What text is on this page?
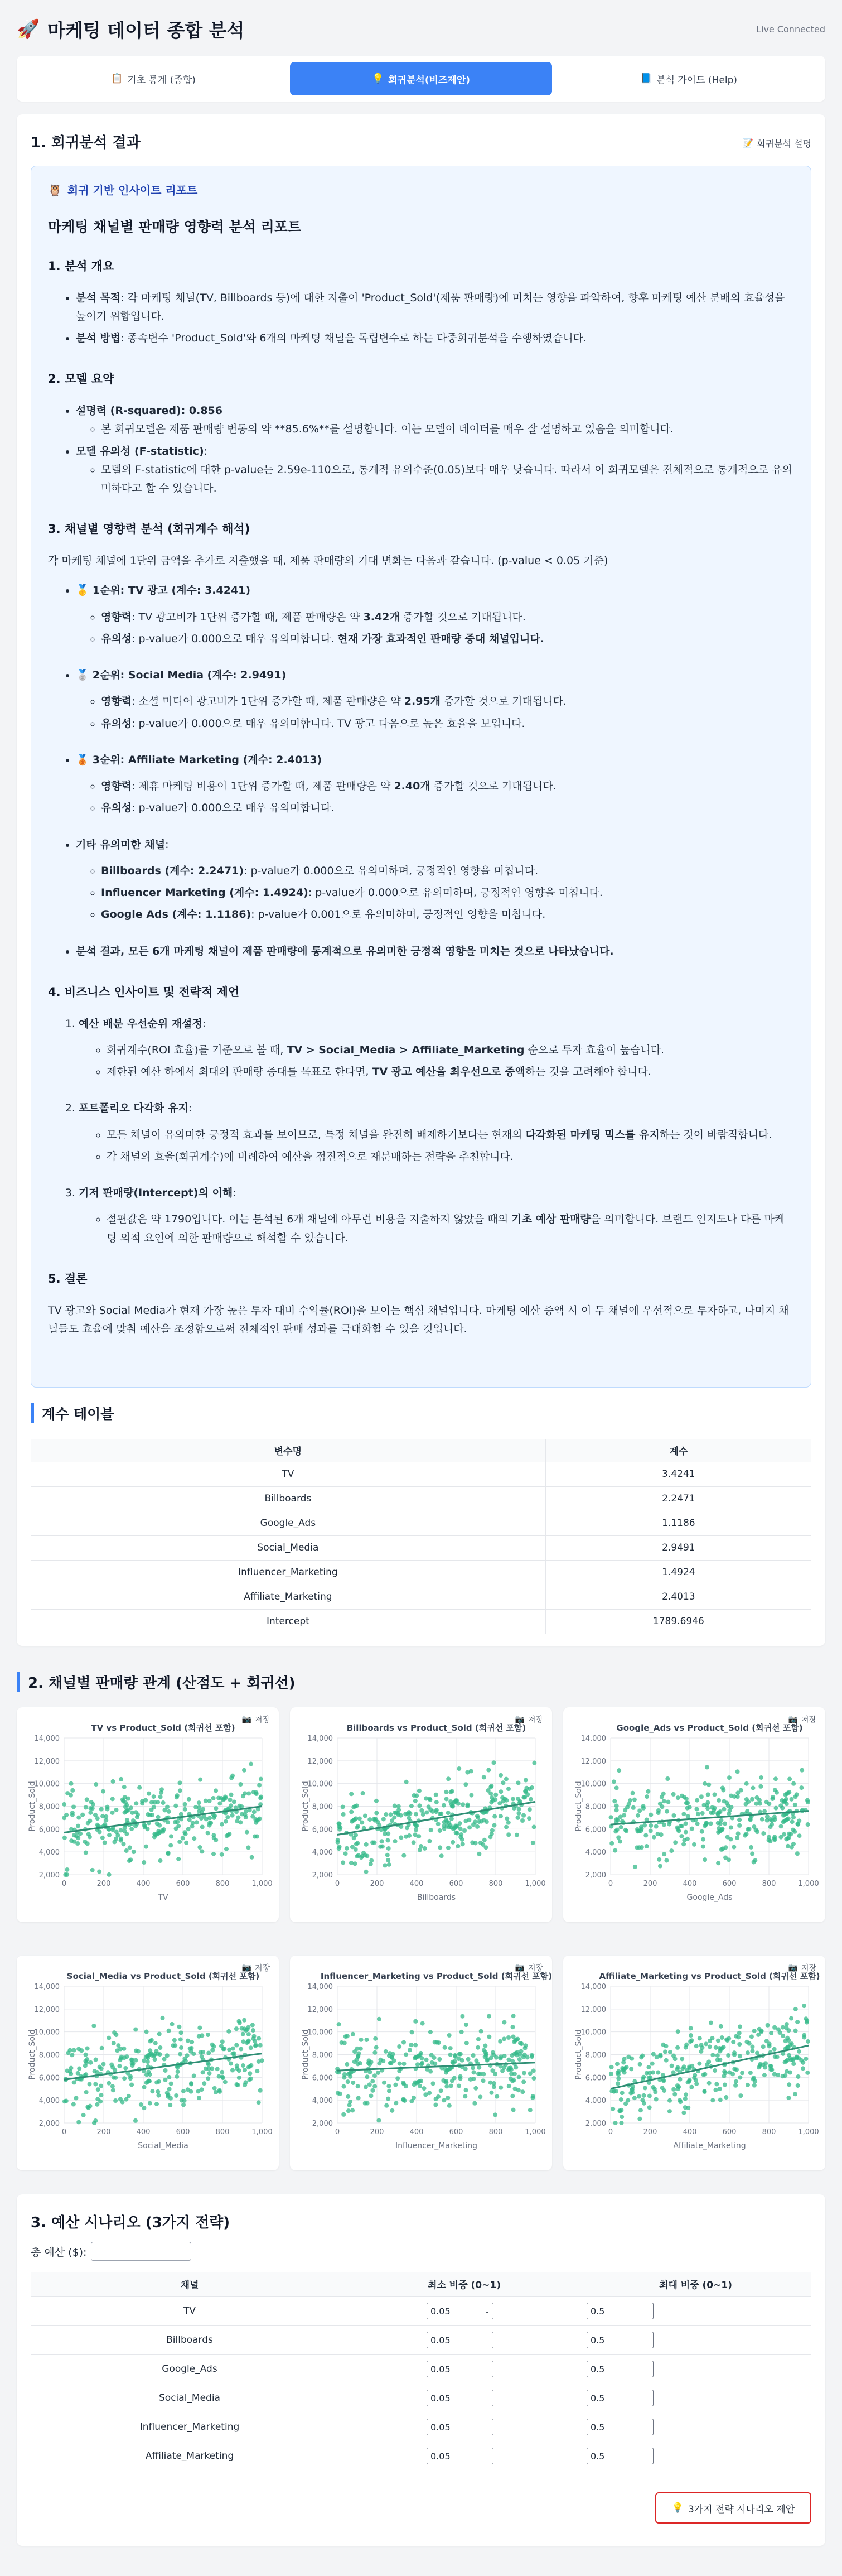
🚀 마케팅 데이터 종합 분석	Live Connected
📋 기초 통계 (종합)	💡 회귀분석(비즈제안)	📘 분석 가이드 (Help)
1. 회귀분석 결과	📝 회귀분석 설명
🦉 회귀 기반 인사이트 리포트
마케팅 채널별 판매량 영향력 분석 리포트
1. 분석 개요
• 분석 목적: 각 마케팅 채널(TV, Billboards 등)에 대한 지출이 'Product_Sold'(제품 판매량)에 미치는 영향을 파악하여, 향후 마케팅 예산 분배의 효율성을 높이기 위함입니다.
• 분석 방법: 종속변수 'Product_Sold'와 6개의 마케팅 채널을 독립변수로 하는 다중회귀분석을 수행하였습니다.
2. 모델 요약
• 설명력 (R-squared): 0.856
◦ 본 회귀모델은 제품 판매량 변동의 약 **85.6%**를 설명합니다. 이는 모델이 데이터를 매우 잘 설명하고 있음을 의미합니다.
• 모델 유의성 (F-statistic):
◦ 모델의 F-statistic에 대한 p-value는 2.59e-110으로, 통계적 유의수준(0.05)보다 매우 낮습니다. 따라서 이 회귀모델은 전체적으로 통계적으로 유의미하다고 할 수 있습니다.
3. 채널별 영향력 분석 (회귀계수 해석)

각 마케팅 채널에 1단위 금액을 추가로 지출했을 때, 제품 판매량의 기대 변화는 다음과 같습니다. (p-value < 0.05 기준)

• 🥇 1순위: TV 광고 (계수: 3.4241)
◦ 영향력: TV 광고비가 1단위 증가할 때, 제품 판매량은 약 3.42개 증가할 것으로 기대됩니다.
◦ 유의성: p-value가 0.000으로 매우 유의미합니다. 현재 가장 효과적인 판매량 증대 채널입니다.
• 🥈 2순위: Social Media (계수: 2.9491)
◦ 영향력: 소셜 미디어 광고비가 1단위 증가할 때, 제품 판매량은 약 2.95개 증가할 것으로 기대됩니다.
◦ 유의성: p-value가 0.000으로 매우 유의미합니다. TV 광고 다음으로 높은 효율을 보입니다.
• 🥉 3순위: Affiliate Marketing (계수: 2.4013)
◦ 영향력: 제휴 마케팅 비용이 1단위 증가할 때, 제품 판매량은 약 2.40개 증가할 것으로 기대됩니다.
◦ 유의성: p-value가 0.000으로 매우 유의미합니다.
• 기타 유의미한 채널:
◦ Billboards (계수: 2.2471): p-value가 0.000으로 유의미하며, 긍정적인 영향을 미칩니다.
◦ Influencer Marketing (계수: 1.4924): p-value가 0.000으로 유의미하며, 긍정적인 영향을 미칩니다.
◦ Google Ads (계수: 1.1186): p-value가 0.001으로 유의미하며, 긍정적인 영향을 미칩니다.
• 분석 결과, 모든 6개 마케팅 채널이 제품 판매량에 통계적으로 유의미한 긍정적 영향을 미치는 것으로 나타났습니다.
4. 비즈니스 인사이트 및 전략적 제언
1. 예산 배분 우선순위 재설정:
◦ 회귀계수(ROI 효율)를 기준으로 볼 때, TV > Social_Media > Affiliate_Marketing 순으로 투자 효율이 높습니다.
◦ 제한된 예산 하에서 최대의 판매량 증대를 목표로 한다면, TV 광고 예산을 최우선으로 증액하는 것을 고려해야 합니다.
2. 포트폴리오 다각화 유지:
◦ 모든 채널이 유의미한 긍정적 효과를 보이므로, 특정 채널을 완전히 배제하기보다는 현재의 다각화된 마케팅 믹스를 유지하는 것이 바람직합니다.
◦ 각 채널의 효율(회귀계수)에 비례하여 예산을 점진적으로 재분배하는 전략을 추천합니다.
3. 기저 판매량(Intercept)의 이해:
◦ 절편값은 약 1790입니다. 이는 분석된 6개 채널에 아무런 비용을 지출하지 않았을 때의 기초 예상 판매량을 의미합니다. 브랜드 인지도나 다른 마케팅 외적 요인에 의한 판매량으로 해석할 수 있습니다.
5. 결론

TV 광고와 Social Media가 현재 가장 높은 투자 대비 수익률(ROI)을 보이는 핵심 채널입니다. 마케팅 예산 증액 시 이 두 채널에 우선적으로 투자하고, 나머지 채널들도 효율에 맞춰 예산을 조정함으로써 전체적인 판매 성과를 극대화할 수 있을 것입니다.

계수 테이블
변수명	계수
TV	3.4241
Billboards	2.2471
Google_Ads	1.1186
Social_Media	2.9491
Influencer_Marketing	1.4924
Affiliate_Marketing	2.4013
Intercept	1789.6946
2. 채널별 판매량 관계 (산점도 + 회귀선)
📷 저장
TV vs Product_Sold (회귀선 포함)
2,000
4,000
6,000
8,000
10,000
12,000
14,000
0	200	400	600	800	1,000
TV
Product_Sold
📷 저장
Billboards vs Product_Sold (회귀선 포함)
2,000
4,000
6,000
8,000
10,000
12,000
14,000
0	200	400	600	800	1,000
Billboards
Product_Sold
📷 저장
Google_Ads vs Product_Sold (회귀선 포함)
2,000
4,000
6,000
8,000
10,000
12,000
14,000
0	200	400	600	800	1,000
Google_Ads
Product_Sold
📷 저장
Social_Media vs Product_Sold (회귀선 포함)
2,000
4,000
6,000
8,000
10,000
12,000
14,000
0	200	400	600	800	1,000
Social_Media
Product_Sold
📷 저장
Influencer_Marketing vs Product_Sold (회귀선 포함)
2,000
4,000
6,000
8,000
10,000
12,000
14,000
0	200	400	600	800	1,000
Influencer_Marketing
Product_Sold
📷 저장
Affiliate_Marketing vs Product_Sold (회귀선 포함)
2,000
4,000
6,000
8,000
10,000
12,000
14,000
0	200	400	600	800	1,000
Affiliate_Marketing
Product_Sold
3. 예산 시나리오 (3가지 전략)
총 예산 ($):
채널	최소 비중 (0~1)	최대 비중 (0~1)
TV	0.05 ⌄	0.5

Billboards	0.05	0.5

Google_Ads	0.05	0.5

Social_Media	0.05	0.5

Influencer_Marketing	0.05	0.5

Affiliate_Marketing	0.05	0.5
💡 3가지 전략 시나리오 제안
